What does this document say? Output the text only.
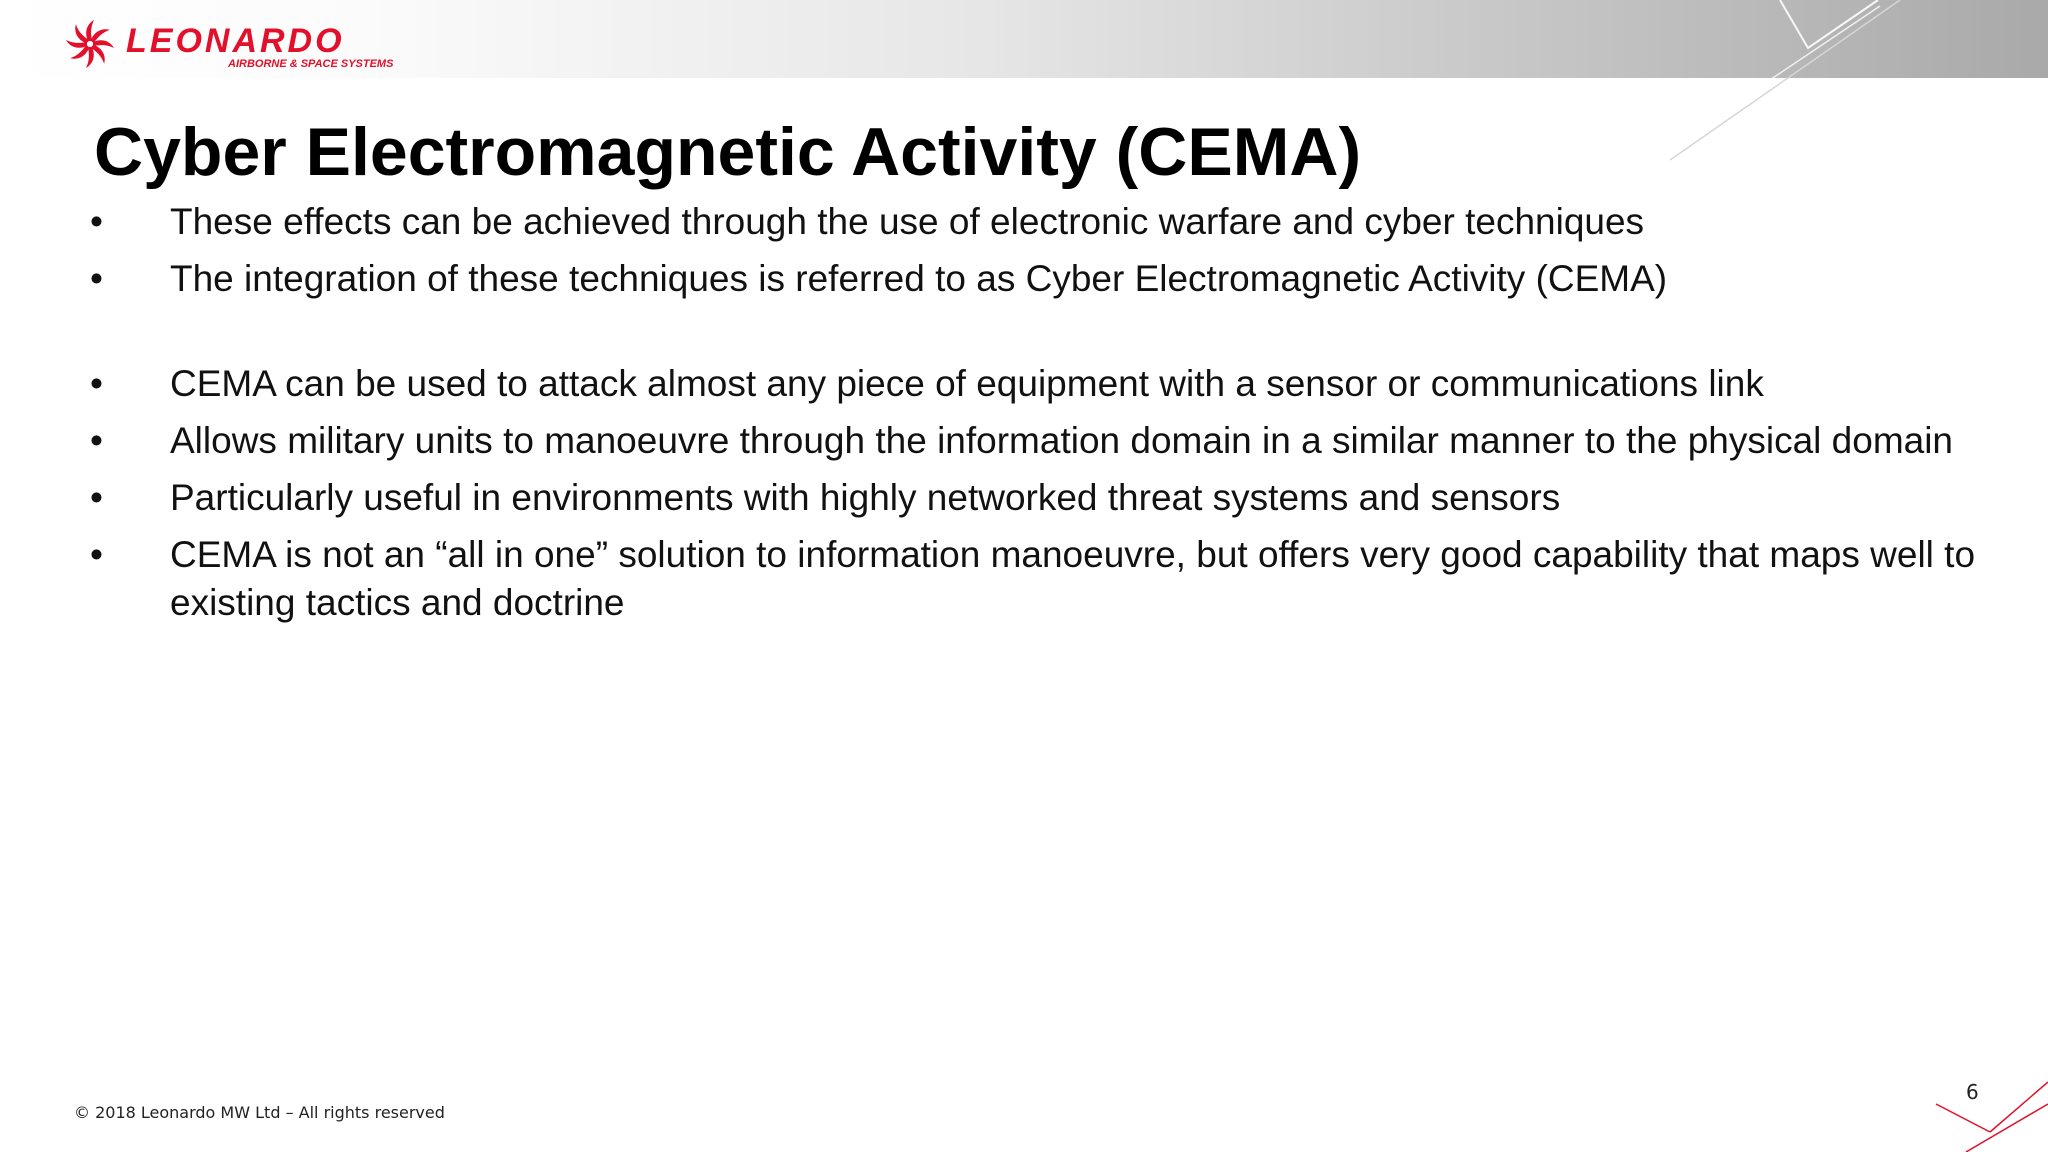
LEONARDO
AIRBORNE & SPACE SYSTEMS
Cyber Electromagnetic Activity (CEMA)
• These effects can be achieved through the use of electronic warfare and cyber techniques
• The integration of these techniques is referred to as Cyber Electromagnetic Activity (CEMA)
• CEMA can be used to attack almost any piece of equipment with a sensor or communications link
• Allows military units to manoeuvre through the information domain in a similar manner to the physical domain
• Particularly useful in environments with highly networked threat systems and sensors
• CEMA is not an “all in one” solution to information manoeuvre, but offers very good capability that maps well to existing tactics and doctrine
© 2018 Leonardo MW Ltd – All rights reserved
6
